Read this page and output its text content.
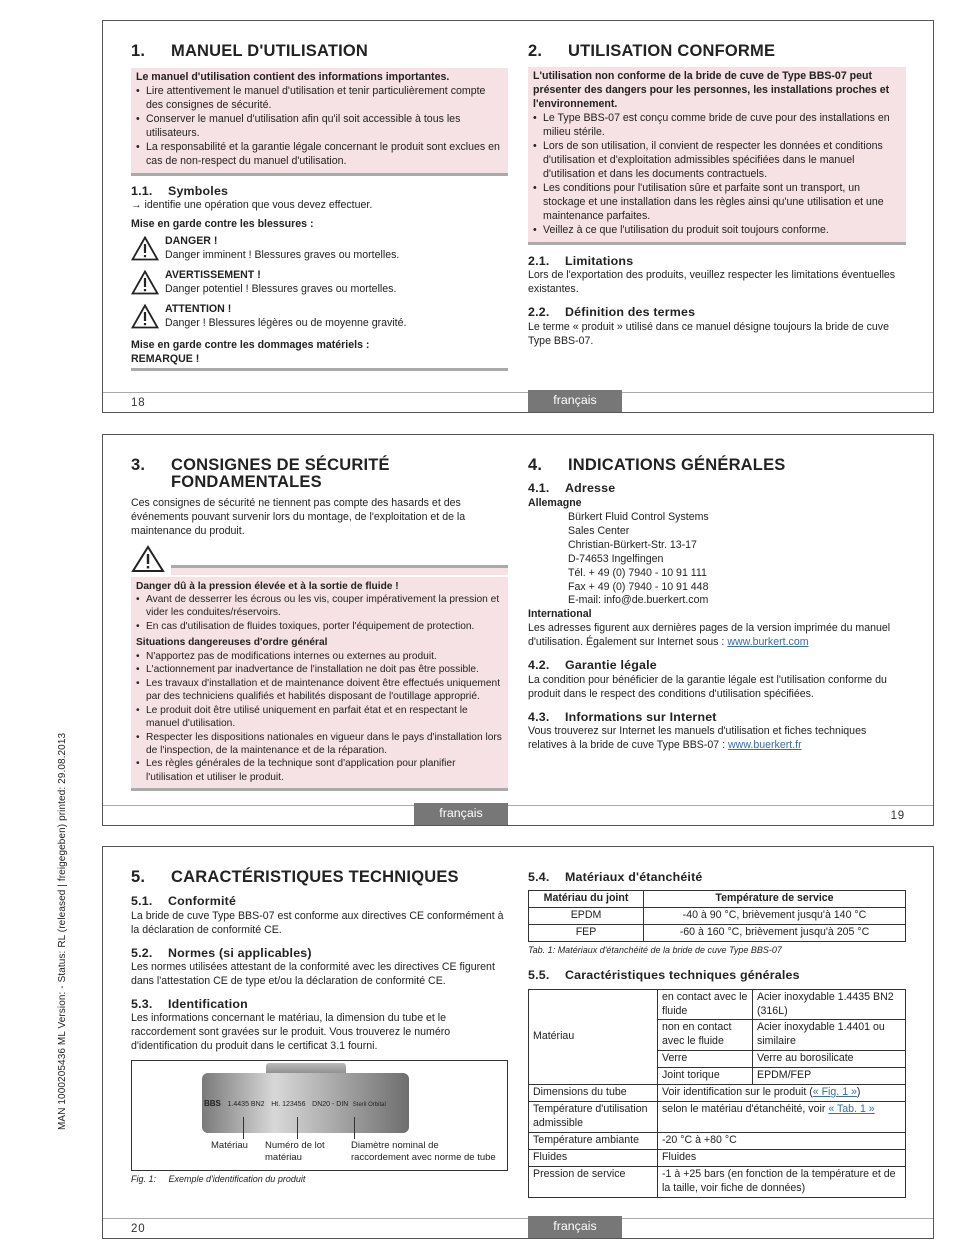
MAN 1000205436 ML Version: - Status: RL (released | freigegeben) printed: 29.08.2013
1.	MANUEL D'UTILISATION

Le manuel d'utilisation contient des informations importantes.

• Lire attentivement le manuel d'utilisation et tenir particulièrement compte des consignes de sécurité.
• Conserver le manuel d'utilisation afin qu'il soit accessible à tous les utilisateurs.
• La responsabilité et la garantie légale concernant le produit sont exclues en cas de non-respect du manuel d'utilisation.
1.1.	Symboles

→ identifie une opération que vous devez effectuer.

Mise en garde contre les blessures :

DANGER !

Danger imminent ! Blessures graves ou mortelles.

AVERTISSEMENT !

Danger potentiel ! Blessures graves ou mortelles.

ATTENTION !

Danger ! Blessures légères ou de moyenne gravité.

Mise en garde contre les dommages matériels :

REMARQUE !

2.	UTILISATION CONFORME

L'utilisation non conforme de la bride de cuve de Type BBS-07 peut présenter des dangers pour les personnes, les installations proches et l'environnement.

• Le Type BBS-07 est conçu comme bride de cuve pour des installations en milieu stérile.
• Lors de son utilisation, il convient de respecter les données et conditions d'utilisation et d'exploitation admissibles spécifiées dans le manuel d'utilisation et dans les documents contractuels.
• Les conditions pour l'utilisation sûre et parfaite sont un transport, un stockage et une installation dans les règles ainsi qu'une utilisation et une maintenance parfaites.
• Veillez à ce que l'utilisation du produit soit toujours conforme.
2.1.	Limitations

Lors de l'exportation des produits, veuillez respecter les limitations éventuelles existantes.

2.2.	Définition des termes

Le terme « produit » utilisé dans ce manuel désigne toujours la bride de cuve Type BBS-07.

18	français
3.	CONSIGNES DE SÉCURITÉ FONDAMENTALES

Ces consignes de sécurité ne tiennent pas compte des hasards et des événements pouvant survenir lors du montage, de l'exploitation et de la maintenance du produit.

Danger dû à la pression élevée et à la sortie de fluide !

• Avant de desserrer les écrous ou les vis, couper impérativement la pression et vider les conduites/réservoirs.
• En cas d'utilisation de fluides toxiques, porter l'équipement de protection.

Situations dangereuses d'ordre général

• N'apportez pas de modifications internes ou externes au produit.
• L'actionnement par inadvertance de l'installation ne doit pas être possible.
• Les travaux d'installation et de maintenance doivent être effectués uniquement par des techniciens qualifiés et habilités disposant de l'outillage approprié.
• Le produit doit être utilisé uniquement en parfait état et en respectant le manuel d'utilisation.
• Respecter les dispositions nationales en vigueur dans le pays d'installation lors de l'inspection, de la maintenance et de la réparation.
• Les règles générales de la technique sont d'application pour planifier l'utilisation et utiliser le produit.
4.	INDICATIONS GÉNÉRALES
4.1.	Adresse

Allemagne

Bürkert Fluid Control Systems

Sales Center

Christian-Bürkert-Str. 13-17

D-74653 Ingelfingen

Tél. + 49 (0) 7940 - 10 91 111

Fax + 49 (0) 7940 - 10 91 448

E-mail: info@de.buerkert.com

International

Les adresses figurent aux dernières pages de la version imprimée du manuel d'utilisation. Également sur Internet sous : www.burkert.com

4.2.	Garantie légale

La condition pour bénéficier de la garantie légale est l'utilisation conforme du produit dans le respect des conditions d'utilisation spécifiées.

4.3.	Informations sur Internet

Vous trouverez sur Internet les manuels d'utilisation et fiches techniques relatives à la bride de cuve Type BBS-07 : www.buerkert.fr

français	19
5.	CARACTÉRISTIQUES TECHNIQUES
5.1.	Conformité

La bride de cuve Type BBS-07 est conforme aux directives CE conformément à la déclaration de conformité CE.

5.2.	Normes (si applicables)

Les normes utilisées attestant de la conformité avec les directives CE figurent dans l'attestation CE de type et/ou la déclaration de conformité CE.

5.3.	Identification

Les informations concernant le matériau, la dimension du tube et le raccordement sont gravées sur le produit. Vous trouverez le numéro d'identification du produit dans le certificat 3.1 fourni.

BBS 1.4435 BN2 Ht. 123456 DN20 - DIN Steril Orbital
Matériau Numéro de lot matériau
Diamètre nominal de raccordement avec norme de tube

Fig. 1: Exemple d'identification du produit

5.4.	Matériaux d'étanchéité
Matériau du joint	Température de service
EPDM	-40 à 90 °C, brièvement jusqu'à 140 °C
FEP	-60 à 160 °C, brièvement jusqu'à 205 °C

Tab. 1: Matériaux d'étanchéité de la bride de cuve Type BBS-07

5.5.	Caractéristiques techniques générales
Matériau	en contact avec le fluide	Acier inoxydable 1.4435 BN2 (316L)
	non en contact avec le fluide	Acier inoxydable 1.4401 ou similaire
	Verre	Verre au borosilicate
	Joint torique	EPDM/FEP
Dimensions du tube	Voir identification sur le produit (« Fig. 1 »)	
Température d'utilisation admissible	selon le matériau d'étanchéité, voir « Tab. 1 »	
Température ambiante	-20 °C à +80 °C	
Fluides	Fluides	
Pression de service	-1 à +25 bars (en fonction de la température et de la taille, voir fiche de données)	
20	français
